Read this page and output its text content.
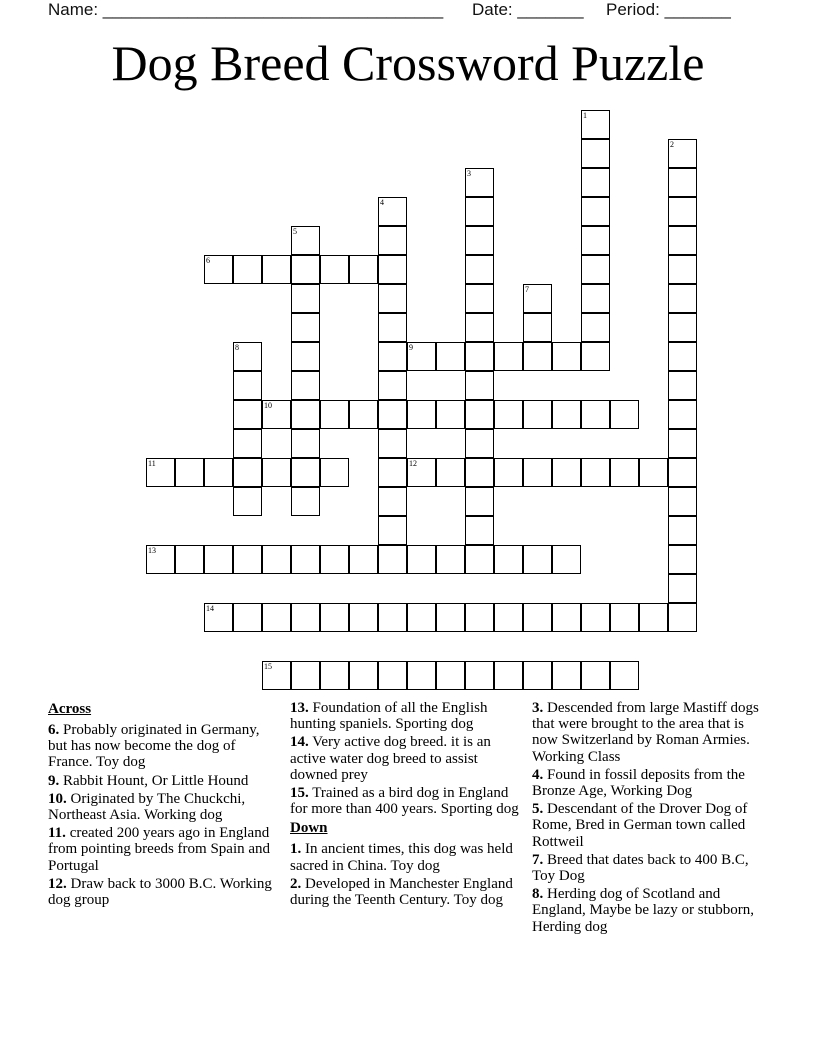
Name: ____________________________________

Date: _______

Period: _______

Dog Breed Crossword Puzzle
6
9
10
11	12
13
14
15
1
2
3
4
5
7
8
Across
6. Probably originated in Germany, but has now become the dog of France. Toy dog
9. Rabbit Hount, Or Little Hound
10. Originated by The Chuckchi, Northeast Asia. Working dog
11. created 200 years ago in England from pointing breeds from Spain and Portugal
12. Draw back to 3000 B.C. Working dog group
13. Foundation of all the English hunting spaniels. Sporting dog
14. Very active dog breed. it is an active water dog breed to assist downed prey
15. Trained as a bird dog in England for more than 400 years. Sporting dog
Down
1. In ancient times, this dog was held sacred in China. Toy dog
2. Developed in Manchester England during the Teenth Century. Toy dog
3. Descended from large Mastiff dogs that were brought to the area that is now Switzerland by Roman Armies. Working Class
4. Found in fossil deposits from the Bronze Age, Working Dog
5. Descendant of the Drover Dog of Rome, Bred in German town called Rottweil
7. Breed that dates back to 400 B.C, Toy Dog
8. Herding dog of Scotland and England, Maybe be lazy or stubborn, Herding dog
